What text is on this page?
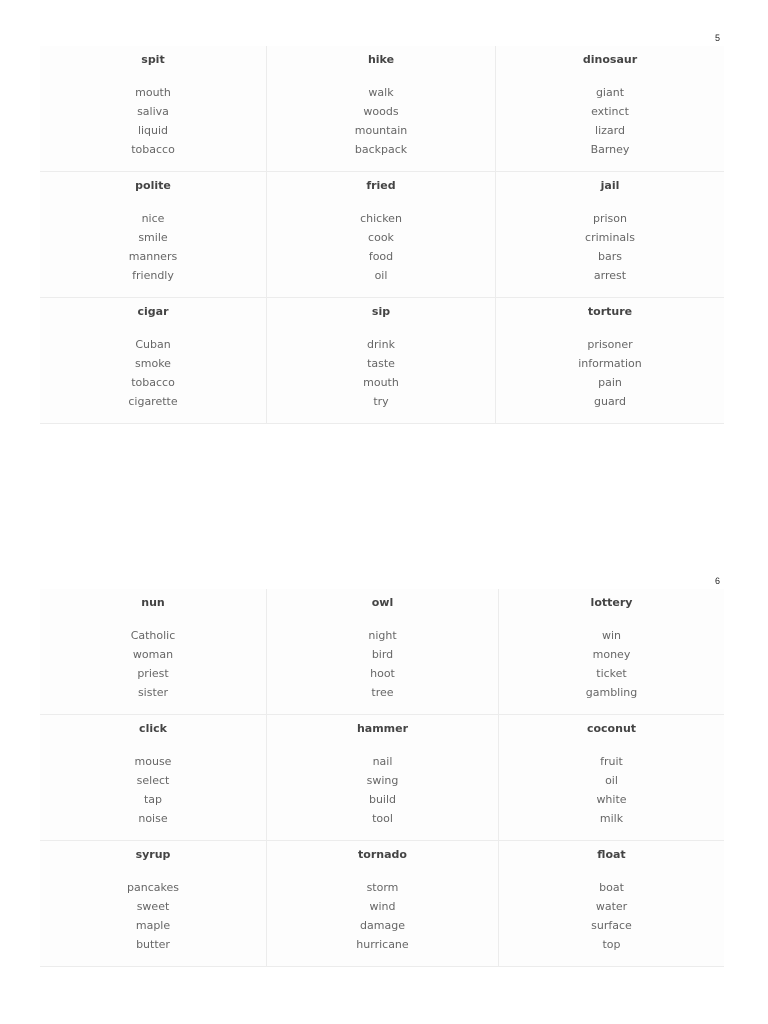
5
spit
mouth
saliva
liquid
tobacco
hike
walk
woods
mountain
backpack
dinosaur
giant
extinct
lizard
Barney
polite
nice
smile
manners
friendly
fried
chicken
cook
food
oil
jail
prison
criminals
bars
arrest
cigar
Cuban
smoke
tobacco
cigarette
sip
drink
taste
mouth
try
torture
prisoner
information
pain
guard
6
nun
Catholic
woman
priest
sister
owl
night
bird
hoot
tree
lottery
win
money
ticket
gambling
click
mouse
select
tap
noise
hammer
nail
swing
build
tool
coconut
fruit
oil
white
milk
syrup
pancakes
sweet
maple
butter
tornado
storm
wind
damage
hurricane
float
boat
water
surface
top
